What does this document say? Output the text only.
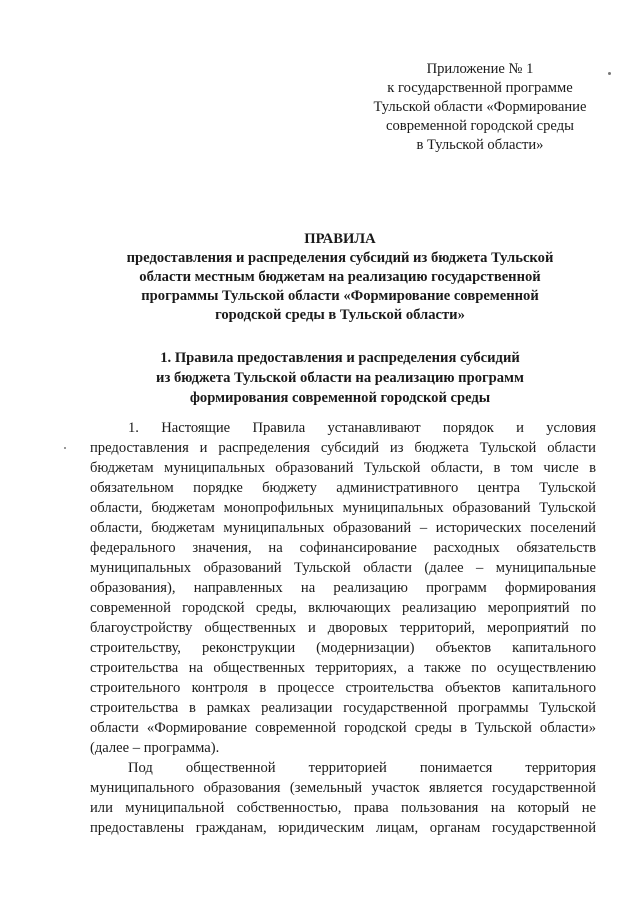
Приложение № 1
к государственной программе
Тульской области «Формирование
современной городской среды
в Тульской области»
ПРАВИЛА
предоставления и распределения субсидий из бюджета Тульской
области местным бюджетам на реализацию государственной
программы Тульской области «Формирование современной
городской среды в Тульской области»
1. Правила предоставления и распределения субсидий
из бюджета Тульской области на реализацию программ
формирования современной городской среды
1. Настоящие Правила устанавливают порядок и условия
предоставления и распределения субсидий из бюджета Тульской области
бюджетам муниципальных образований Тульской области, в том числе в
обязательном порядке бюджету административного центра Тульской
области, бюджетам монопрофильных муниципальных образований Тульской
области, бюджетам муниципальных образований – исторических поселений
федерального значения, на софинансирование расходных обязательств
муниципальных образований Тульской области (далее – муниципальные
образования), направленных на реализацию программ формирования
современной городской среды, включающих реализацию мероприятий по
благоустройству общественных и дворовых территорий, мероприятий по
строительству, реконструкции (модернизации) объектов капитального
строительства на общественных территориях, а также по осуществлению
строительного контроля в процессе строительства объектов капитального
строительства в рамках реализации государственной программы Тульской
области «Формирование современной городской среды в Тульской области»
(далее – программа).
Под общественной территорией понимается территория
муниципального образования (земельный участок является государственной
или муниципальной собственностью, права пользования на который не
предоставлены гражданам, юридическим лицам, органам государственной
